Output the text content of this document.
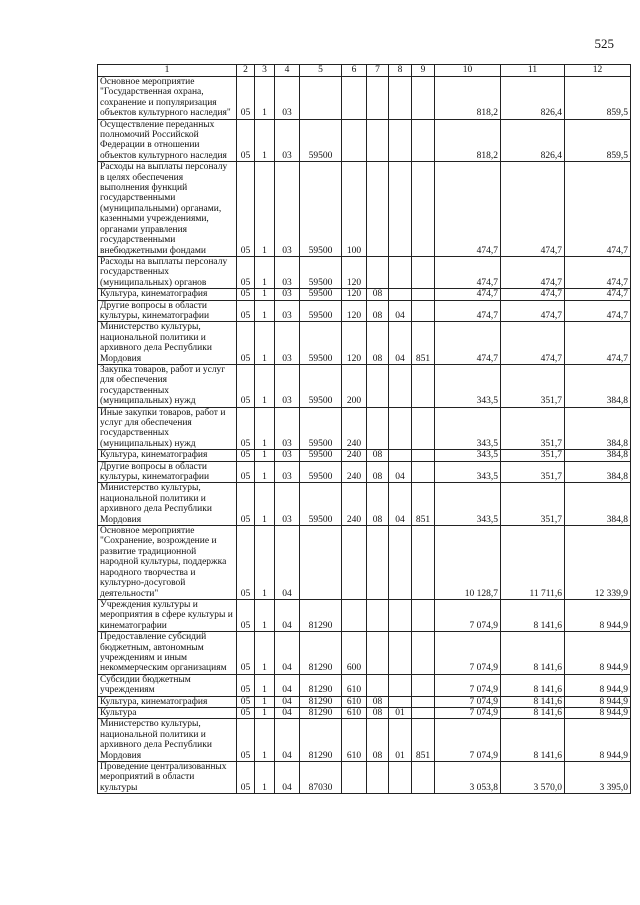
525
1	2	3	4	5	6	7	8	9	10	11	12
Основное мероприятие "Государственная охрана, сохранение и популяризация объектов культурного наследия"	05	1	03						818,2	826,4	859,5
Осуществление переданных полномочий Российской Федерации в отношении объектов культурного наследия	05	1	03	59500					818,2	826,4	859,5
Расходы на выплаты персоналу в целях обеспечения выполнения функций государственными (муниципальными) органами, казенными учреждениями, органами управления государственными внебюджетными фондами	05	1	03	59500	100				474,7	474,7	474,7
Расходы на выплаты персоналу государственных (муниципальных) органов	05	1	03	59500	120				474,7	474,7	474,7
Культура, кинематография	05	1	03	59500	120	08			474,7	474,7	474,7
Другие вопросы в области культуры, кинематографии	05	1	03	59500	120	08	04		474,7	474,7	474,7
Министерство культуры, национальной политики и архивного дела Республики Мордовия	05	1	03	59500	120	08	04	851	474,7	474,7	474,7
Закупка товаров, работ и услуг для обеспечения государственных (муниципальных) нужд	05	1	03	59500	200				343,5	351,7	384,8
Иные закупки товаров, работ и услуг для обеспечения государственных (муниципальных) нужд	05	1	03	59500	240				343,5	351,7	384,8
Культура, кинематография	05	1	03	59500	240	08			343,5	351,7	384,8
Другие вопросы в области культуры, кинематографии	05	1	03	59500	240	08	04		343,5	351,7	384,8
Министерство культуры, национальной политики и архивного дела Республики Мордовия	05	1	03	59500	240	08	04	851	343,5	351,7	384,8
Основное мероприятие "Сохранение, возрождение и развитие традиционной народной культуры, поддержка народного творчества и культурно-досуговой деятельности"	05	1	04						10 128,7	11 711,6	12 339,9
Учреждения культуры и мероприятия в сфере культуры и кинематографии	05	1	04	81290					7 074,9	8 141,6	8 944,9
Предоставление субсидий бюджетным, автономным учреждениям и иным некоммерческим организациям	05	1	04	81290	600				7 074,9	8 141,6	8 944,9
Субсидии бюджетным учреждениям	05	1	04	81290	610				7 074,9	8 141,6	8 944,9
Культура, кинематография	05	1	04	81290	610	08			7 074,9	8 141,6	8 944,9
Культура	05	1	04	81290	610	08	01		7 074,9	8 141,6	8 944,9
Министерство культуры, национальной политики и архивного дела Республики Мордовия	05	1	04	81290	610	08	01	851	7 074,9	8 141,6	8 944,9
Проведение централизованных мероприятий в области культуры	05	1	04	87030					3 053,8	3 570,0	3 395,0
